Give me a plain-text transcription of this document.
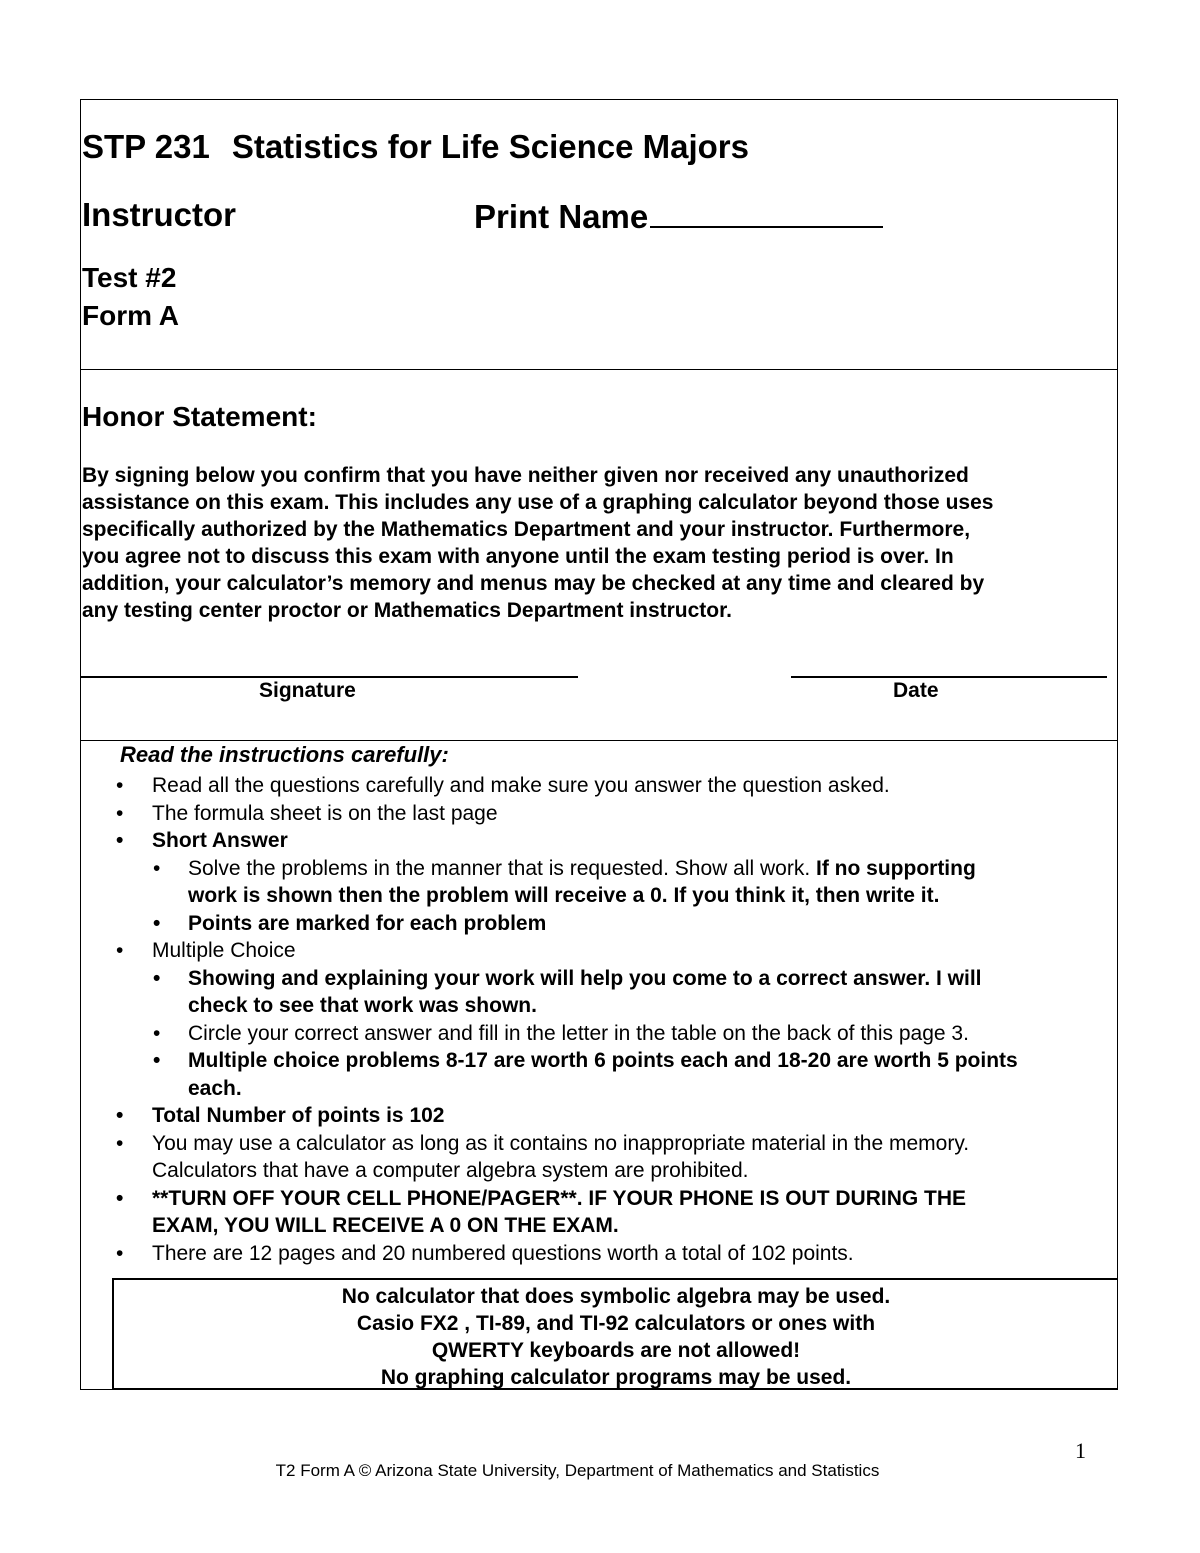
STP 231 Statistics for Life Science Majors
Instructor	Print Name
Test #2
Form A
Honor Statement:
By signing below you confirm that you have neither given nor received any unauthorized
assistance on this exam. This includes any use of a graphing calculator beyond those uses
specifically authorized by the Mathematics Department and your instructor. Furthermore,
you agree not to discuss this exam with anyone until the exam testing period is over. In
addition, your calculator’s memory and menus may be checked at any time and cleared by
any testing center proctor or Mathematics Department instructor.
Signature	Date
Read the instructions carefully:
• Read all the questions carefully and make sure you answer the question asked.
• The formula sheet is on the last page
• Short Answer
• Solve the problems in the manner that is requested. Show all work. If no supporting
work is shown then the problem will receive a 0. If you think it, then write it.
• Points are marked for each problem
• Multiple Choice
• Showing and explaining your work will help you come to a correct answer. I will
check to see that work was shown.
• Circle your correct answer and fill in the letter in the table on the back of this page 3.
• Multiple choice problems 8-17 are worth 6 points each and 18-20 are worth 5 points
each.
• Total Number of points is 102
• You may use a calculator as long as it contains no inappropriate material in the memory.
Calculators that have a computer algebra system are prohibited.
• **TURN OFF YOUR CELL PHONE/PAGER**. IF YOUR PHONE IS OUT DURING THE
EXAM, YOU WILL RECEIVE A 0 ON THE EXAM.
• There are 12 pages and 20 numbered questions worth a total of 102 points.
No calculator that does symbolic algebra may be used.
Casio FX2 , TI-89, and TI-92 calculators or ones with
QWERTY keyboards are not allowed!
No graphing calculator programs may be used.
1
T2 Form A © Arizona State University, Department of Mathematics and Statistics
